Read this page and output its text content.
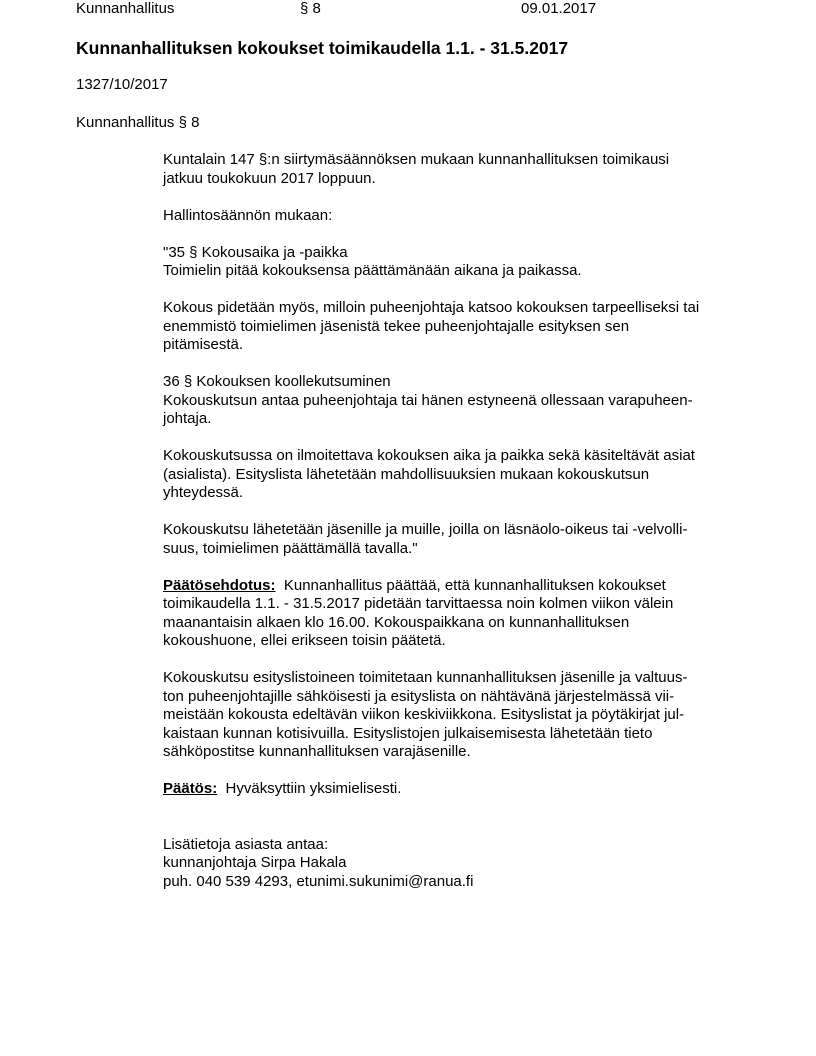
Kunnanhallitus	§ 8	09.01.2017
Kunnanhallituksen kokoukset toimikaudella 1.1. - 31.5.2017
1327/10/2017
Kunnanhallitus § 8

Kuntalain 147 §:n siirtymäsäännöksen mukaan kunnanhallituksen toimikausi
jatkuu toukokuun 2017 loppuun.

Hallintosäännön mukaan:

"35 § Kokousaika ja -paikka
Toimielin pitää kokouksensa päättämänään aikana ja paikassa.

Kokous pidetään myös, milloin puheenjohtaja katsoo kokouksen tarpeelliseksi tai
enemmistö toimielimen jäsenistä tekee puheenjohtajalle esityksen sen
pitämisestä.

36 § Kokouksen koollekutsuminen
Kokouskutsun antaa puheenjohtaja tai hänen estyneenä ollessaan varapuheen-
johtaja.

Kokouskutsussa on ilmoitettava kokouksen aika ja paikka sekä käsiteltävät asiat
(asialista). Esityslista lähetetään mahdollisuuksien mukaan kokouskutsun
yhteydessä.

Kokouskutsu lähetetään jäsenille ja muille, joilla on läsnäolo-oikeus tai -velvolli-
suus, toimielimen päättämällä tavalla."

Päätösehdotus: Kunnanhallitus päättää, että kunnanhallituksen kokoukset
toimikaudella 1.1. - 31.5.2017 pidetään tarvittaessa noin kolmen viikon välein
maanantaisin alkaen klo 16.00. Kokouspaikkana on kunnanhallituksen
kokoushuone, ellei erikseen toisin päätetä.

Kokouskutsu esityslistoineen toimitetaan kunnanhallituksen jäsenille ja valtuus-
ton puheenjohtajille sähköisesti ja esityslista on nähtävänä järjestelmässä vii-
meistään kokousta edeltävän viikon keskiviikkona. Esityslistat ja pöytäkirjat jul-
kaistaan kunnan kotisivuilla. Esityslistojen julkaisemisesta lähetetään tieto
sähköpostitse kunnanhallituksen varajäsenille.

Päätös: Hyväksyttiin yksimielisesti.

Lisätietoja asiasta antaa:
kunnanjohtaja Sirpa Hakala
puh. 040 539 4293, etunimi.sukunimi@ranua.fi
